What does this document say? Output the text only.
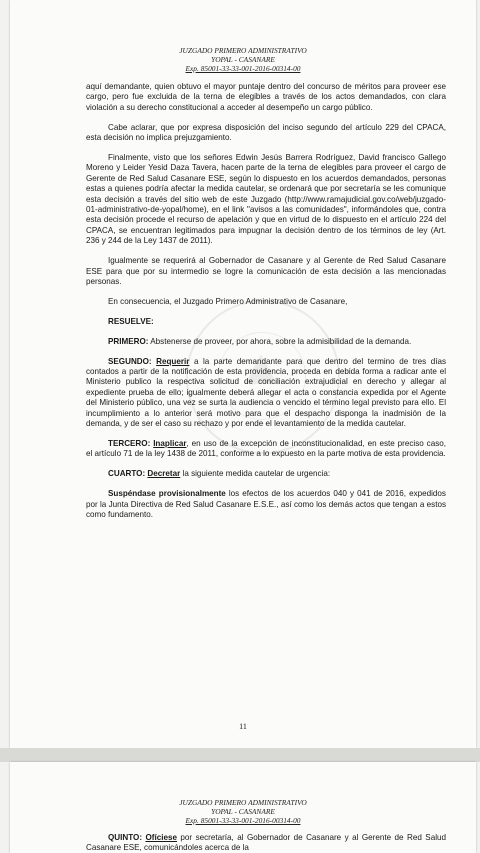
JUZGADO PRIMERO ADMINISTRATIVO
YOPAL - CASANARE
Exp. 85001-33-33-001-2016-00314-00

aquí demandante, quien obtuvo el mayor puntaje dentro del concurso de méritos para proveer ese cargo, pero fue excluida de la terna de elegibles a través de los actos demandados, con clara violación a su derecho constitucional a acceder al desempeño un cargo público.

Cabe aclarar, que por expresa disposición del inciso segundo del artículo 229 del CPACA, esta decisión no implica prejuzgamiento.

Finalmente, visto que los señores Edwin Jesús Barrera Rodríguez, David francisco Gallego Moreno y Leider Yesid Daza Tavera, hacen parte de la terna de elegibles para proveer el cargo de Gerente de Red Salud Casanare ESE, según lo dispuesto en los acuerdos demandados, personas estas a quienes podría afectar la medida cautelar, se ordenará que por secretaría se les comunique esta decisión a través del sitio web de este Juzgado (http://www.ramajudicial.gov.co/web/juzgado-01-administrativo-de-yopal/home), en el link "avisos a las comunidades", informándoles que, contra esta decisión procede el recurso de apelación y que en virtud de lo dispuesto en el artículo 224 del CPACA, se encuentran legitimados para impugnar la decisión dentro de los términos de ley (Art. 236 y 244 de la Ley 1437 de 2011).

Igualmente se requerirá al Gobernador de Casanare y al Gerente de Red Salud Casanare ESE para que por su intermedio se logre la comunicación de esta decisión a las mencionadas personas.

En consecuencia, el Juzgado Primero Administrativo de Casanare,

RESUELVE:

PRIMERO: Abstenerse de proveer, por ahora, sobre la admisibilidad de la demanda.

SEGUNDO: Requerir a la parte demandante para que dentro del termino de tres días contados a partir de la notificación de esta providencia, proceda en debida forma a radicar ante el Ministerio publico la respectiva solicitud de conciliación extrajudicial en derecho y allegar al expediente prueba de ello; igualmente deberá allegar el acta o constancia expedida por el Agente del Ministerio público, una vez se surta la audiencia o vencido el término legal previsto para ello. El incumplimiento a lo anterior será motivo para que el despacho disponga la inadmisión de la demanda, y de ser el caso su rechazo y por ende el levantamiento de la medida cautelar.

TERCERO: Inaplicar, en uso de la excepción de inconstitucionalidad, en este preciso caso, el artículo 71 de la ley 1438 de 2011, conforme a lo expuesto en la parte motiva de esta providencia.

CUARTO: Decretar la siguiente medida cautelar de urgencia:

Suspéndase provisionalmente los efectos de los acuerdos 040 y 041 de 2016, expedidos por la Junta Directiva de Red Salud Casanare E.S.E., así como los demás actos que tengan a estos como fundamento.

11
JUZGADO PRIMERO ADMINISTRATIVO
YOPAL - CASANARE
Exp. 85001-33-33-001-2016-00314-00

QUINTO: Ofíciese por secretaría, al Gobernador de Casanare y al Gerente de Red Salud Casanare ESE, comunicándoles acerca de la
